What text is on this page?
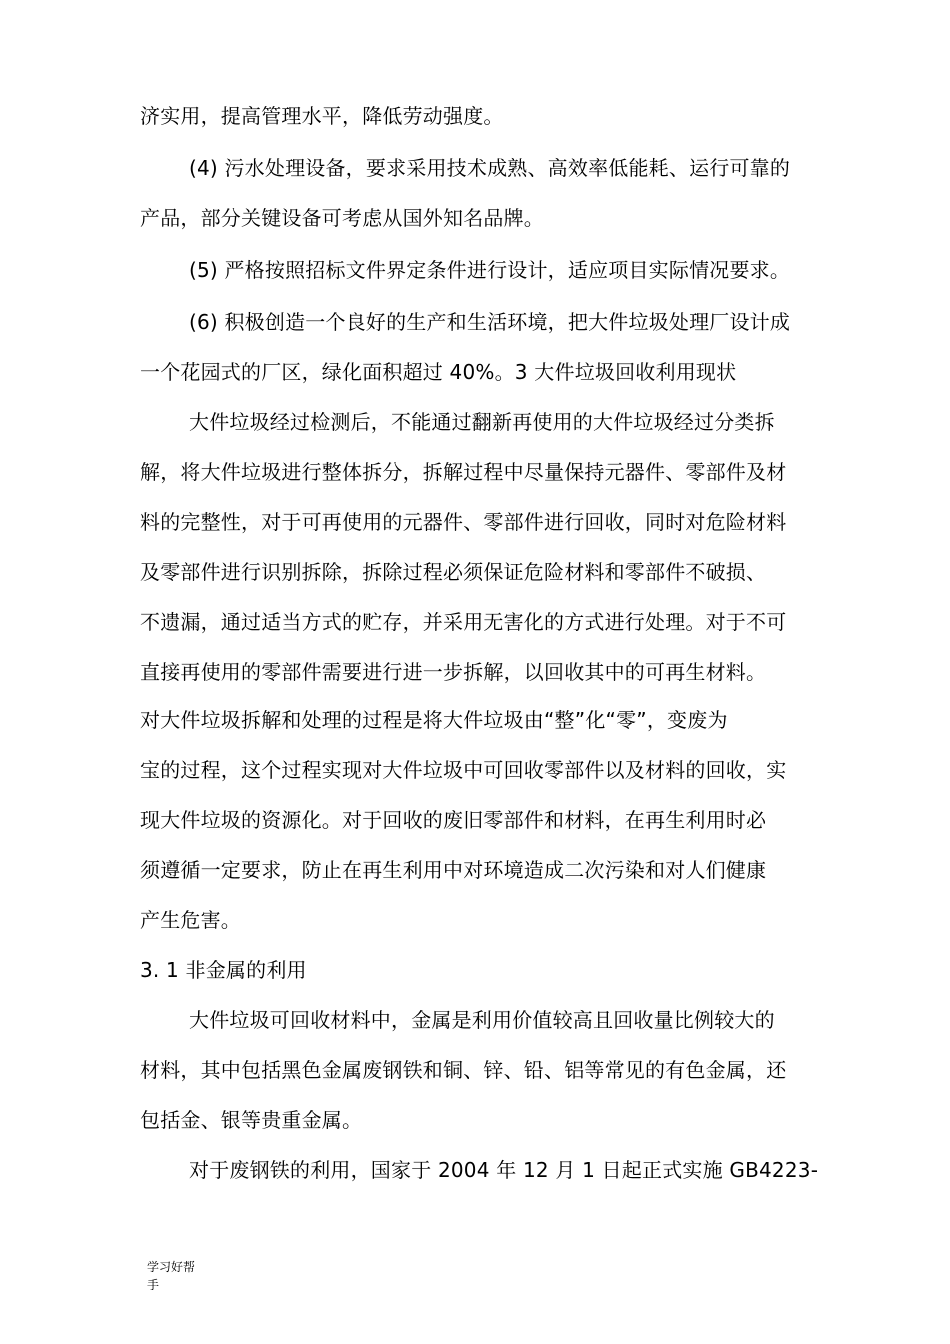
济实用，提高管理水平，降低劳动强度。
(4) 污水处理设备，要求采用技术成熟、高效率低能耗、运行可靠的
产品，部分关键设备可考虑从国外知名品牌。
(5) 严格按照招标文件界定条件进行设计，适应项目实际情况要求。
(6) 积极创造一个良好的生产和生活环境，把大件垃圾处理厂设计成
一个花园式的厂区，绿化面积超过 40%。3 大件垃圾回收利用现状
大件垃圾经过检测后，不能通过翻新再使用的大件垃圾经过分类拆
解，将大件垃圾进行整体拆分，拆解过程中尽量保持元器件、零部件及材
料的完整性，对于可再使用的元器件、零部件进行回收，同时对危险材料
及零部件进行识别拆除，拆除过程必须保证危险材料和零部件不破损、
不遗漏，通过适当方式的贮存，并采用无害化的方式进行处理。对于不可
直接再使用的零部件需要进行进一步拆解，以回收其中的可再生材料。
对大件垃圾拆解和处理的过程是将大件垃圾由“整”化“零”，变废为
宝的过程，这个过程实现对大件垃圾中可回收零部件以及材料的回收，实
现大件垃圾的资源化。对于回收的废旧零部件和材料，在再生利用时必
须遵循一定要求，防止在再生利用中对环境造成二次污染和对人们健康
产生危害。
3. 1 非金属的利用
大件垃圾可回收材料中，金属是利用价值较高且回收量比例较大的
材料，其中包括黑色金属废钢铁和铜、锌、铅、铝等常见的有色金属，还
包括金、银等贵重金属。
对于废钢铁的利用，国家于 2004 年 12 月 1 日起正式实施 GB4223-
学习好帮
手
